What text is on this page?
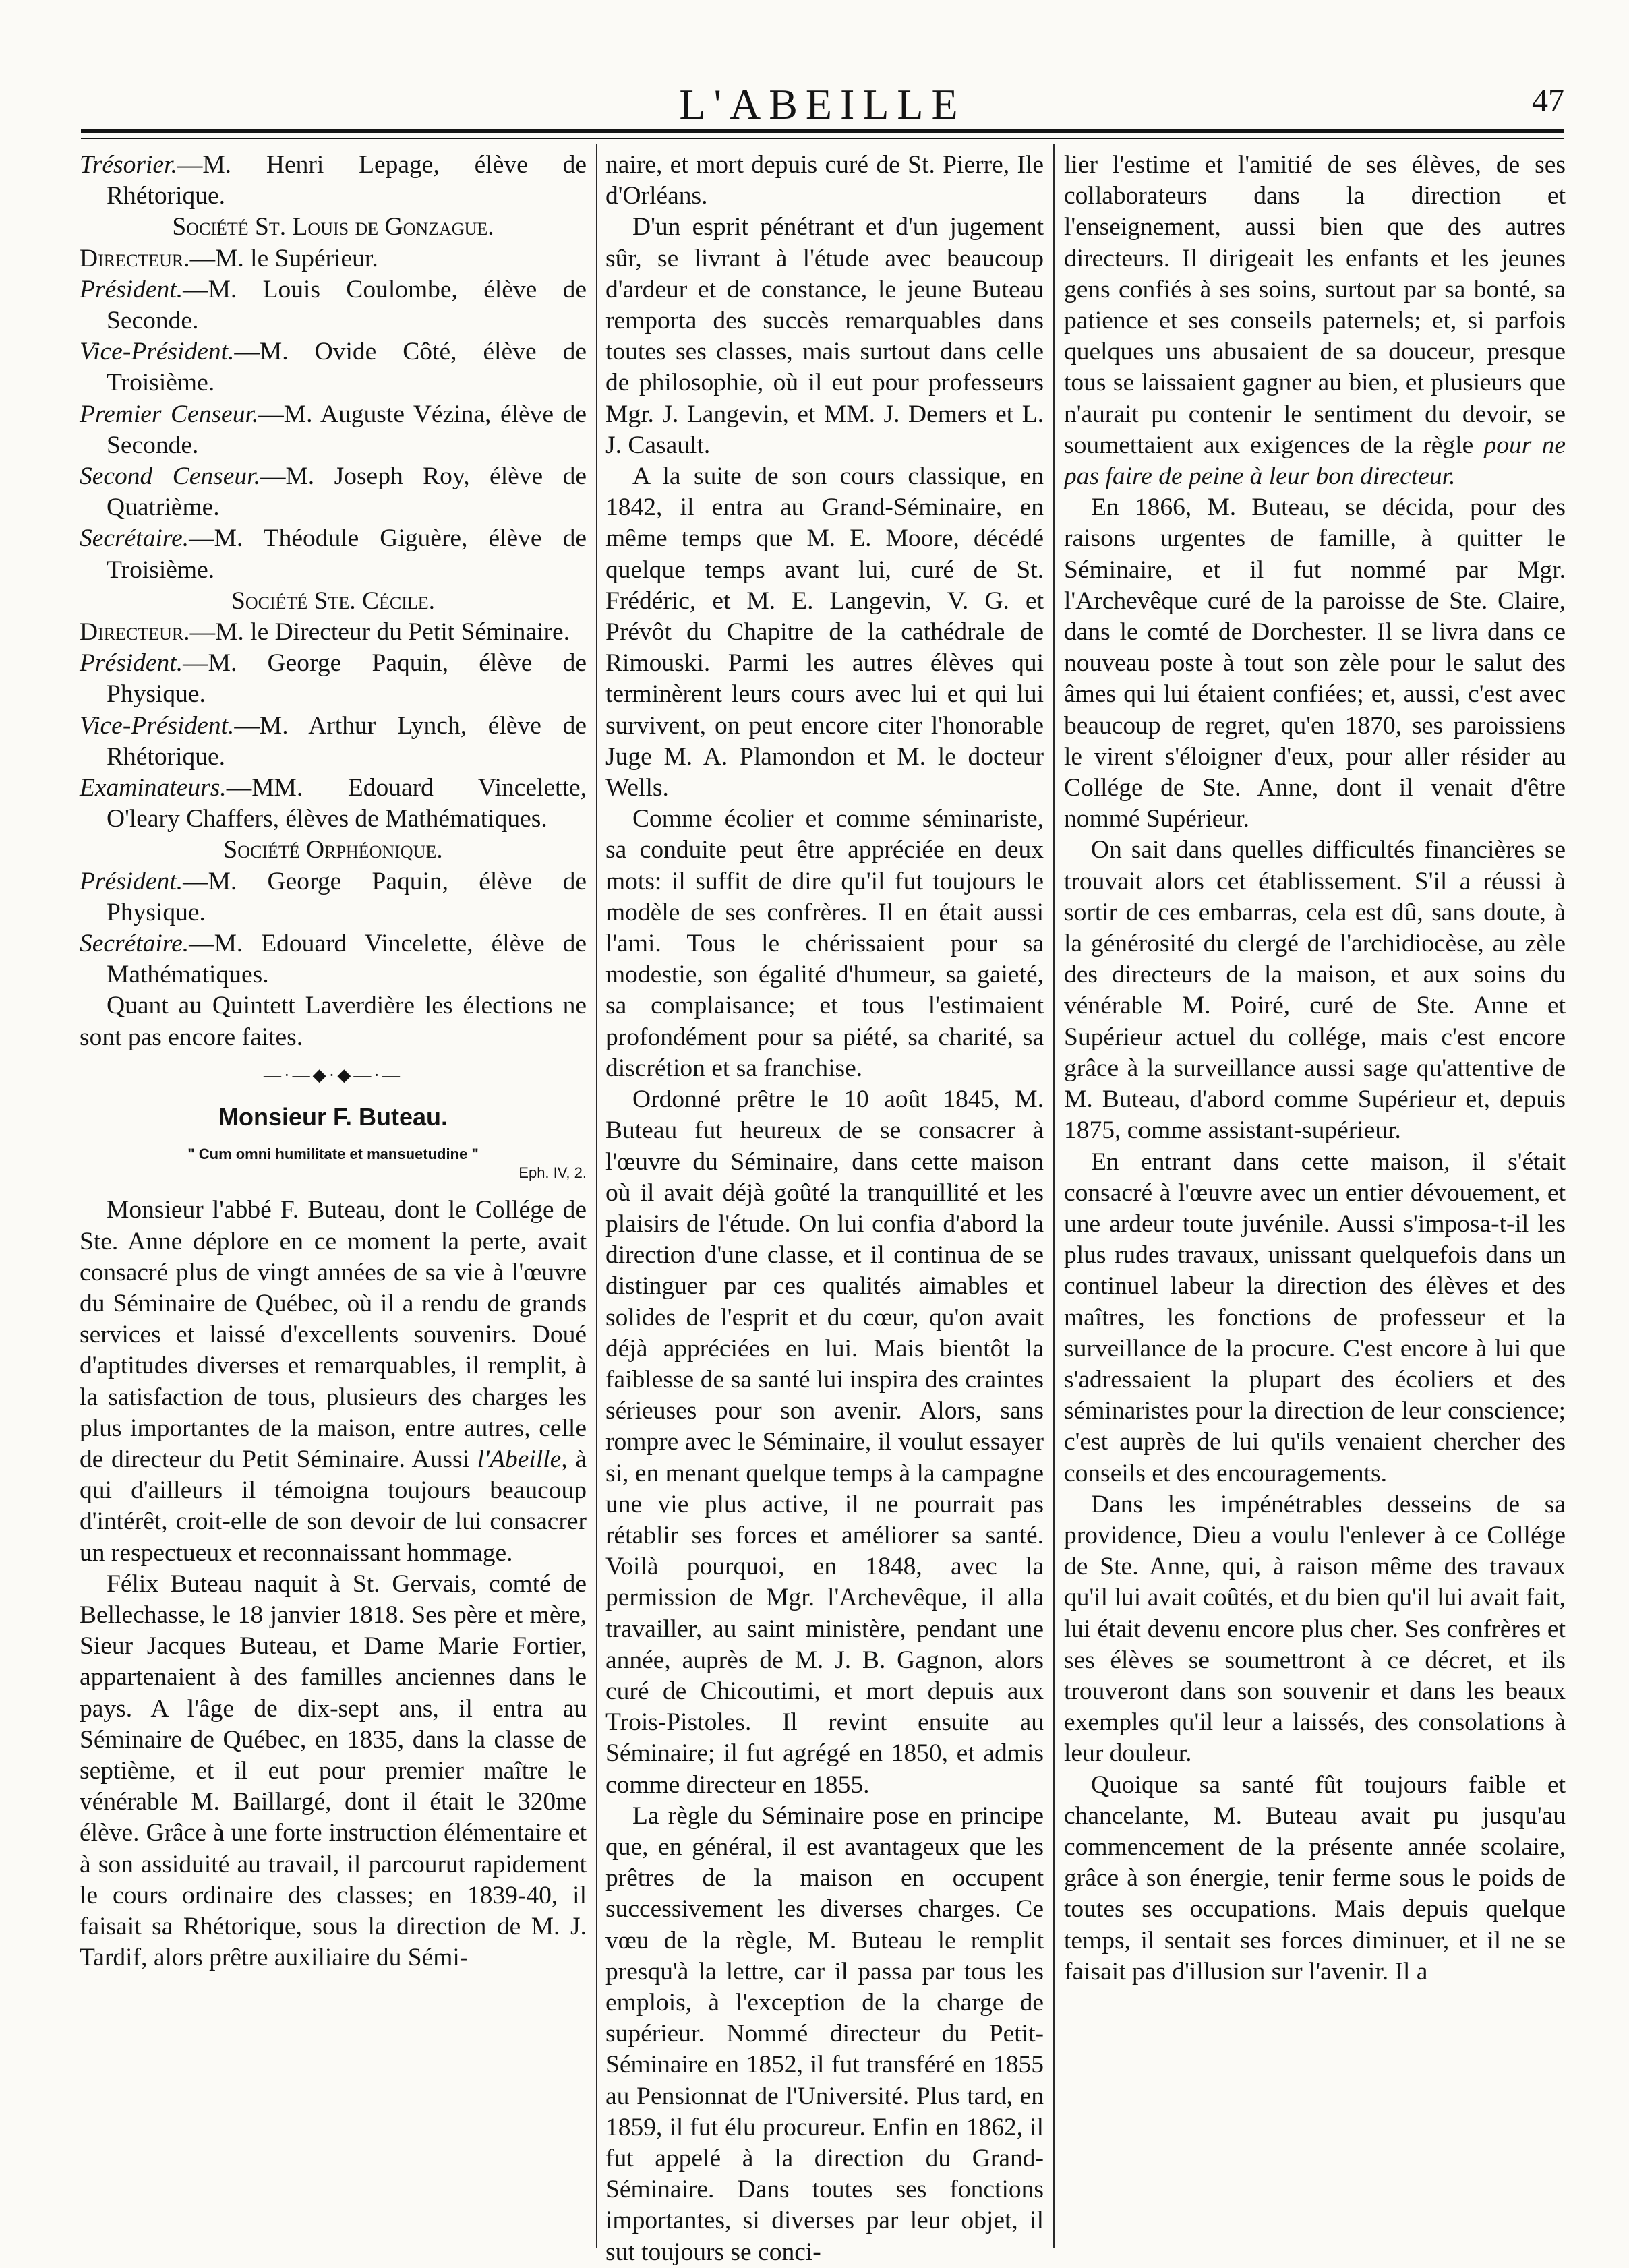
L'ABEILLE	47

Trésorier.—M. Henri Lepage, élève de Rhétorique.

Société St. Louis de Gonzague.

Directeur.—M. le Supérieur.

Président.—M. Louis Coulombe, élève de Seconde.

Vice-Président.—M. Ovide Côté, élève de Troisième.

Premier Censeur.—M. Auguste Vézina, élève de Seconde.

Second Censeur.—M. Joseph Roy, élève de Quatrième.

Secrétaire.—M. Théodule Giguère, élève de Troisième.

Société Ste. Cécile.

Directeur.—M. le Directeur du Petit Séminaire.

Président.—M. George Paquin, élève de Physique.

Vice-Président.—M. Arthur Lynch, élève de Rhétorique.

Examinateurs.—MM. Edouard Vincelette, O'leary Chaffers, élèves de Mathématiques.

Société Orphéonique.

Président.—M. George Paquin, élève de Physique.

Secrétaire.—M. Edouard Vincelette, élève de Mathématiques.

Quant au Quintett Laverdière les élections ne sont pas encore faites.

—·—◆·◆—·—
Monsieur F. Buteau.
" Cum omni humilitate et mansuetudine "
Eph. IV, 2.

Monsieur l'abbé F. Buteau, dont le Collége de Ste. Anne déplore en ce moment la perte, avait consacré plus de vingt années de sa vie à l'œuvre du Séminaire de Québec, où il a rendu de grands services et laissé d'excellents souvenirs. Doué d'aptitudes diverses et remarquables, il remplit, à la satisfaction de tous, plusieurs des charges les plus importantes de la maison, entre autres, celle de directeur du Petit Séminaire. Aussi l'Abeille, à qui d'ailleurs il témoigna toujours beaucoup d'intérêt, croit-elle de son devoir de lui consacrer un respectueux et reconnaissant hommage.

Félix Buteau naquit à St. Gervais, comté de Bellechasse, le 18 janvier 1818. Ses père et mère, Sieur Jacques Buteau, et Dame Marie Fortier, appartenaient à des familles anciennes dans le pays. A l'âge de dix-sept ans, il entra au Séminaire de Québec, en 1835, dans la classe de septième, et il eut pour premier maître le vénérable M. Baillargé, dont il était le 320me élève. Grâce à une forte instruction élémentaire et à son assiduité au travail, il parcourut rapidement le cours ordinaire des classes; en 1839-40, il faisait sa Rhétorique, sous la direction de M. J. Tardif, alors prêtre auxiliaire du Sémi-

naire, et mort depuis curé de St. Pierre, Ile d'Orléans.

D'un esprit pénétrant et d'un jugement sûr, se livrant à l'étude avec beaucoup d'ardeur et de constance, le jeune Buteau remporta des succès remarquables dans toutes ses classes, mais surtout dans celle de philosophie, où il eut pour professeurs Mgr. J. Langevin, et MM. J. Demers et L. J. Casault.

A la suite de son cours classique, en 1842, il entra au Grand-Séminaire, en même temps que M. E. Moore, décédé quelque temps avant lui, curé de St. Frédéric, et M. E. Langevin, V. G. et Prévôt du Chapitre de la cathédrale de Rimouski. Parmi les autres élèves qui terminèrent leurs cours avec lui et qui lui survivent, on peut encore citer l'honorable Juge M. A. Plamondon et M. le docteur Wells.

Comme écolier et comme séminariste, sa conduite peut être appréciée en deux mots: il suffit de dire qu'il fut toujours le modèle de ses confrères. Il en était aussi l'ami. Tous le chérissaient pour sa modestie, son égalité d'humeur, sa gaieté, sa complaisance; et tous l'estimaient profondément pour sa piété, sa charité, sa discrétion et sa franchise.

Ordonné prêtre le 10 août 1845, M. Buteau fut heureux de se consacrer à l'œuvre du Séminaire, dans cette maison où il avait déjà goûté la tranquillité et les plaisirs de l'étude. On lui confia d'abord la direction d'une classe, et il continua de se distinguer par ces qualités aimables et solides de l'esprit et du cœur, qu'on avait déjà appréciées en lui. Mais bientôt la faiblesse de sa santé lui inspira des craintes sérieuses pour son avenir. Alors, sans rompre avec le Séminaire, il voulut essayer si, en menant quelque temps à la campagne une vie plus active, il ne pourrait pas rétablir ses forces et améliorer sa santé. Voilà pourquoi, en 1848, avec la permission de Mgr. l'Archevêque, il alla travailler, au saint ministère, pendant une année, auprès de M. J. B. Gagnon, alors curé de Chicoutimi, et mort depuis aux Trois-Pistoles. Il revint ensuite au Séminaire; il fut agrégé en 1850, et admis comme directeur en 1855.

La règle du Séminaire pose en principe que, en général, il est avantageux que les prêtres de la maison en occupent successivement les diverses charges. Ce vœu de la règle, M. Buteau le remplit presqu'à la lettre, car il passa par tous les emplois, à l'exception de la charge de supérieur. Nommé directeur du Petit-Séminaire en 1852, il fut transféré en 1855 au Pensionnat de l'Université. Plus tard, en 1859, il fut élu procureur. Enfin en 1862, il fut appelé à la direction du Grand-Séminaire. Dans toutes ses fonctions importantes, si diverses par leur objet, il sut toujours se conci-

lier l'estime et l'amitié de ses élèves, de ses collaborateurs dans la direction et l'enseignement, aussi bien que des autres directeurs. Il dirigeait les enfants et les jeunes gens confiés à ses soins, surtout par sa bonté, sa patience et ses conseils paternels; et, si parfois quelques uns abusaient de sa douceur, presque tous se laissaient gagner au bien, et plusieurs que n'aurait pu contenir le sentiment du devoir, se soumettaient aux exigences de la règle pour ne pas faire de peine à leur bon directeur.

En 1866, M. Buteau, se décida, pour des raisons urgentes de famille, à quitter le Séminaire, et il fut nommé par Mgr. l'Archevêque curé de la paroisse de Ste. Claire, dans le comté de Dorchester. Il se livra dans ce nouveau poste à tout son zèle pour le salut des âmes qui lui étaient confiées; et, aussi, c'est avec beaucoup de regret, qu'en 1870, ses paroissiens le virent s'éloigner d'eux, pour aller résider au Collége de Ste. Anne, dont il venait d'être nommé Supérieur.

On sait dans quelles difficultés financières se trouvait alors cet établissement. S'il a réussi à sortir de ces embarras, cela est dû, sans doute, à la générosité du clergé de l'archidiocèse, au zèle des directeurs de la maison, et aux soins du vénérable M. Poiré, curé de Ste. Anne et Supérieur actuel du collége, mais c'est encore grâce à la surveillance aussi sage qu'attentive de M. Buteau, d'abord comme Supérieur et, depuis 1875, comme assistant-supérieur.

En entrant dans cette maison, il s'était consacré à l'œuvre avec un entier dévouement, et une ardeur toute juvénile. Aussi s'imposa-t-il les plus rudes travaux, unissant quelquefois dans un continuel labeur la direction des élèves et des maîtres, les fonctions de professeur et la surveillance de la procure. C'est encore à lui que s'adressaient la plupart des écoliers et des séminaristes pour la direction de leur conscience; c'est auprès de lui qu'ils venaient chercher des conseils et des encouragements.

Dans les impénétrables desseins de sa providence, Dieu a voulu l'enlever à ce Collége de Ste. Anne, qui, à raison même des travaux qu'il lui avait coûtés, et du bien qu'il lui avait fait, lui était devenu encore plus cher. Ses confrères et ses élèves se soumettront à ce décret, et ils trouveront dans son souvenir et dans les beaux exemples qu'il leur a laissés, des consolations à leur douleur.

Quoique sa santé fût toujours faible et chancelante, M. Buteau avait pu jusqu'au commencement de la présente année scolaire, grâce à son énergie, tenir ferme sous le poids de toutes ses occupations. Mais depuis quelque temps, il sentait ses forces diminuer, et il ne se faisait pas d'illusion sur l'avenir. Il a
